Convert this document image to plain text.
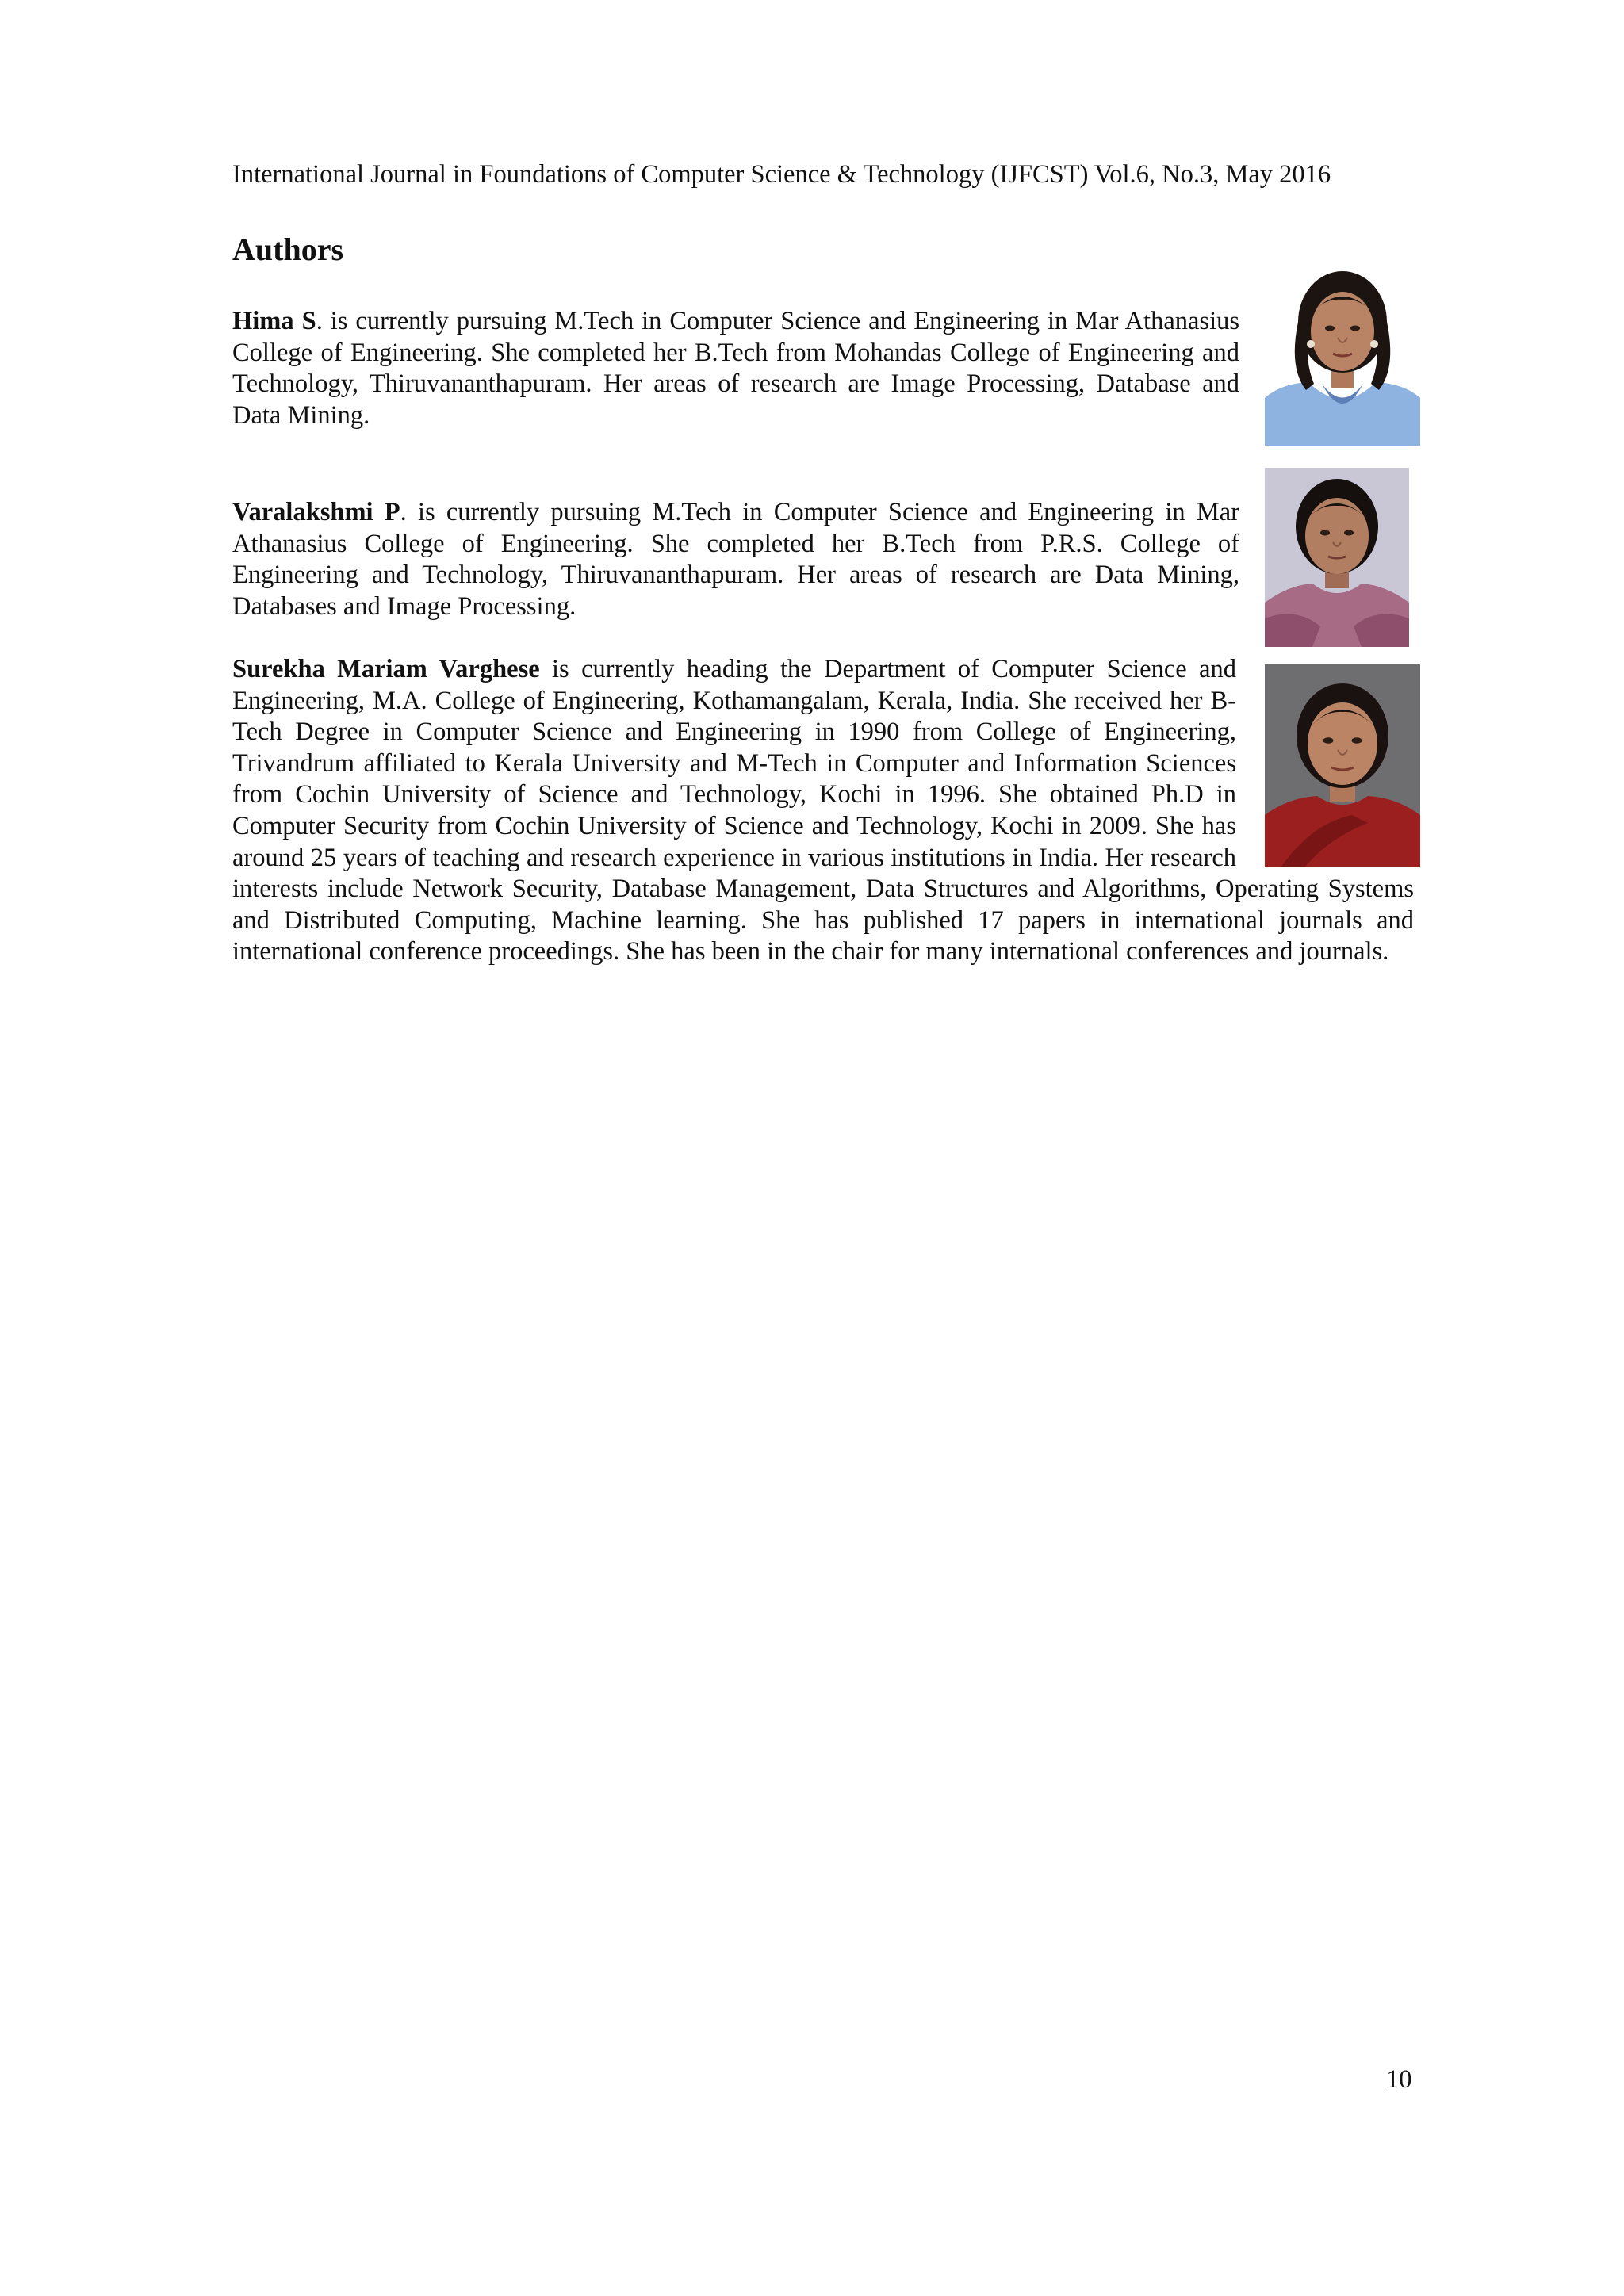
International Journal in Foundations of Computer Science & Technology (IJFCST) Vol.6, No.3, May 2016
Authors
Hima S. is currently pursuing M.Tech in Computer Science and Engineering in Mar Athanasius College of Engineering. She completed her B.Tech from Mohandas College of Engineering and Technology, Thiruvananthapuram. Her areas of research are Image Processing, Database and Data Mining.
Varalakshmi P. is currently pursuing M.Tech in Computer Science and Engineering in Mar Athanasius College of Engineering. She completed her B.Tech from P.R.S. College of Engineering and Technology, Thiruvananthapuram. Her areas of research are Data Mining, Databases and Image Processing.
Surekha Mariam Varghese is currently heading the Department of Computer Science and Engineering, M.A. College of Engineering, Kothamangalam, Kerala, India. She received her B-Tech Degree in Computer Science and Engineering in 1990 from College of Engineering, Trivandrum affiliated to Kerala University and M-Tech in Computer and Information Sciences from Cochin University of Science and Technology, Kochi in 1996. She obtained Ph.D in Computer Security from Cochin University of Science and Technology, Kochi in 2009. She has around 25 years of teaching and research experience in various institutions in India. Her research interests include Network Security, Database Management, Data Structures and Algorithms, Operating Systems and Distributed Computing, Machine learning. She has published 17 papers in international journals and international conference proceedings. She has been in the chair for many international conferences and journals.
10
